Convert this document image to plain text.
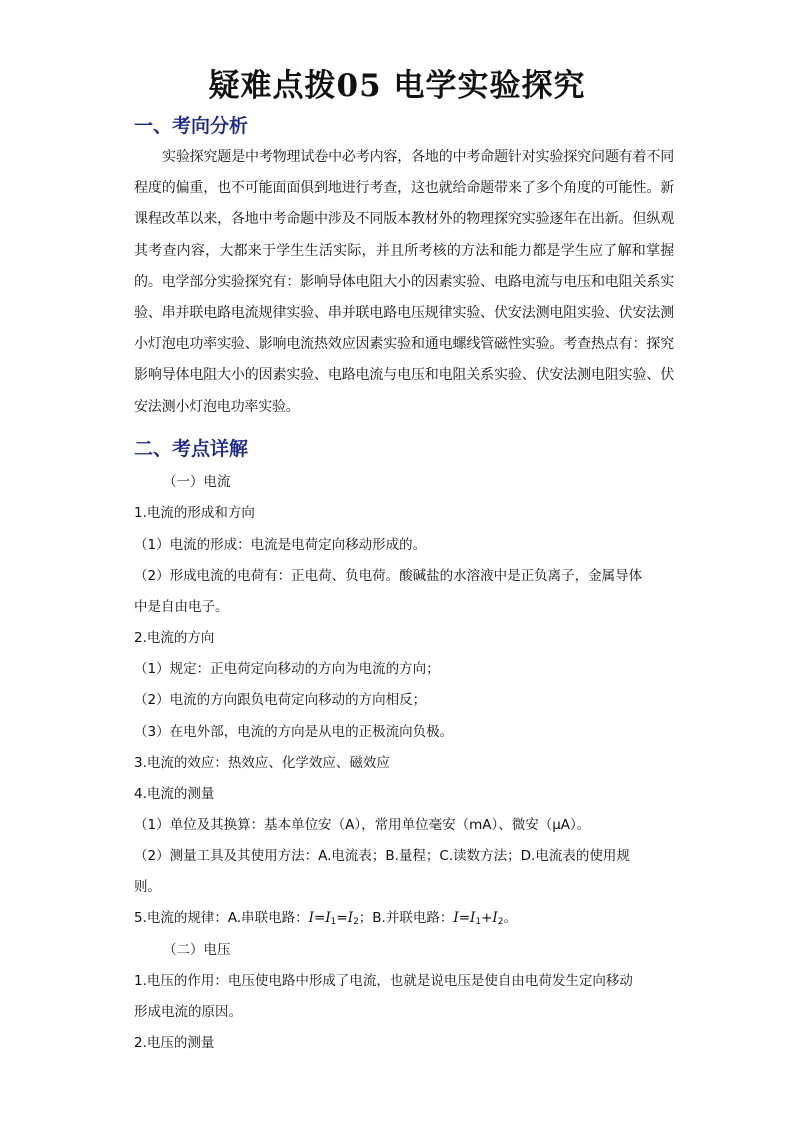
疑难点拨05 电学实验探究
一、考向分析

实验探究题是中考物理试卷中必考内容，各地的中考命题针对实验探究问题有着不同程度的偏重，也不可能面面俱到地进行考查，这也就给命题带来了多个角度的可能性。新课程改革以来，各地中考命题中涉及不同版本教材外的物理探究实验逐年在出新。但纵观其考查内容，大都来于学生生活实际，并且所考核的方法和能力都是学生应了解和掌握的。电学部分实验探究有：影响导体电阻大小的因素实验、电路电流与电压和电阻关系实验、串并联电路电流规律实验、串并联电路电压规律实验、伏安法测电阻实验、伏安法测小灯泡电功率实验、影响电流热效应因素实验和通电螺线管磁性实验。考查热点有：探究影响导体电阻大小的因素实验、电路电流与电压和电阻关系实验、伏安法测电阻实验、伏安法测小灯泡电功率实验。

二、考点详解

（一）电流

1.电流的形成和方向

（1）电流的形成：电流是电荷定向移动形成的。

（2）形成电流的电荷有：正电荷、负电荷。酸碱盐的水溶液中是正负离子，金属导体

中是自由电子。

2.电流的方向

（1）规定：正电荷定向移动的方向为电流的方向；

（2）电流的方向跟负电荷定向移动的方向相反；

（3）在电外部，电流的方向是从电的正极流向负极。

3.电流的效应：热效应、化学效应、磁效应

4.电流的测量

（1）单位及其换算：基本单位安（A），常用单位毫安（mA）、微安（μA）。

（2）测量工具及其使用方法：A.电流表；B.量程；C.读数方法；D.电流表的使用规

则。

5.电流的规律：A.串联电路：$I=I_1=I_2$；B.并联电路：$I=I_1+I_2$。

（二）电压

1.电压的作用：电压使电路中形成了电流，也就是说电压是使自由电荷发生定向移动

形成电流的原因。

2.电压的测量
